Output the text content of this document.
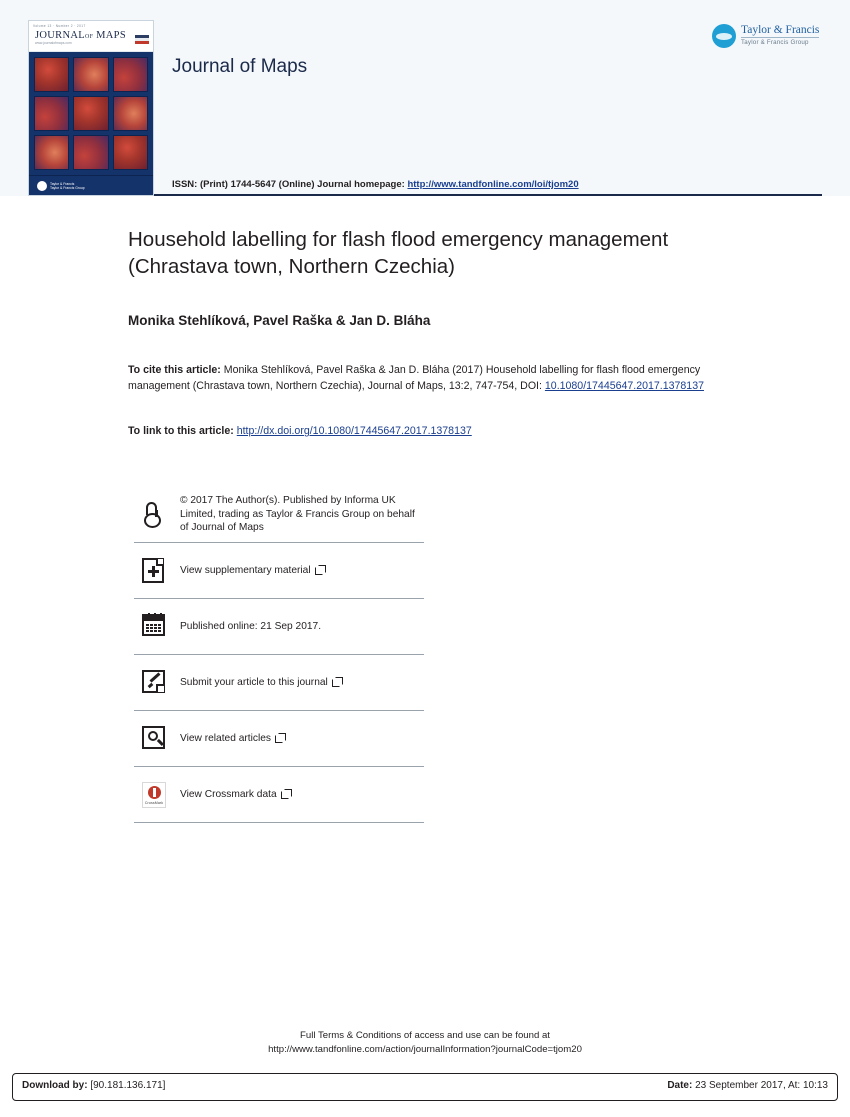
Volume 13 · Number 2 · 2017
JOURNALOF MAPS
www.journalofmaps.com
Taylor & Francis
Taylor & Francis Group
Journal of Maps
ISSN: (Print) 1744-5647 (Online) Journal homepage: http://www.tandfonline.com/loi/tjom20
Taylor & Francis
Taylor & Francis Group
Household labelling for flash flood emergency management (Chrastava town, Northern Czechia)
Monika Stehlíková, Pavel Raška & Jan D. Bláha
To cite this article: Monika Stehlíková, Pavel Raška & Jan D. Bláha (2017) Household labelling for flash flood emergency management (Chrastava town, Northern Czechia), Journal of Maps, 13:2, 747-754, DOI: 10.1080/17445647.2017.1378137
To link to this article: http://dx.doi.org/10.1080/17445647.2017.1378137
© 2017 The Author(s). Published by Informa UK Limited, trading as Taylor & Francis Group on behalf of Journal of Maps
View supplementary material
Published online: 21 Sep 2017.
Submit your article to this journal
View related articles
CrossMark
View Crossmark data
Full Terms & Conditions of access and use can be found at
http://www.tandfonline.com/action/journalInformation?journalCode=tjom20
Download by: [90.181.136.171]	Date: 23 September 2017, At: 10:13
